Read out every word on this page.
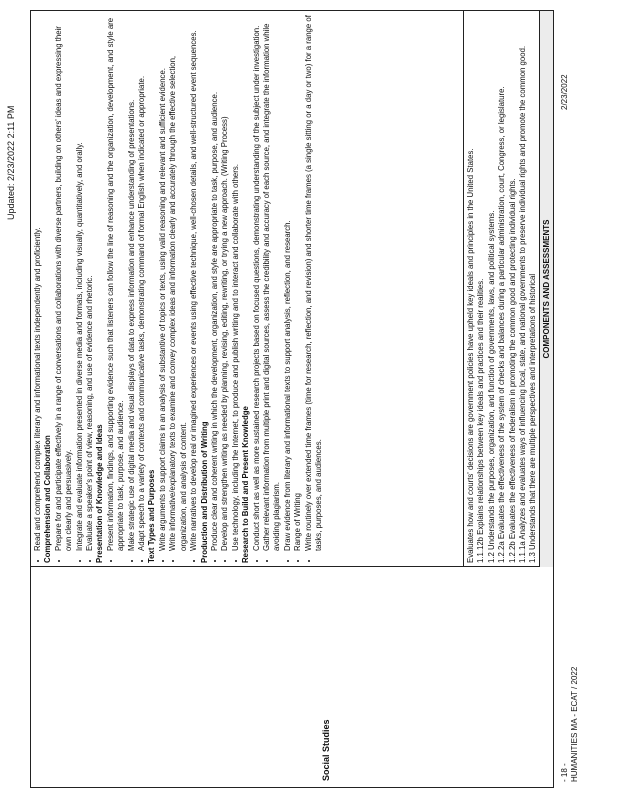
Updated: 2/23/2022 2:11 PM
Social Studies
• Read and comprehend complex literary and informational texts independently and proficiently. Comprehension and Collaboration • Prepare for and participate effectively in a range of conversations and collaborations with diverse partners, building on others' ideas and expressing their own clearly and persuasively. • Integrate and evaluate information presented in diverse media and formats, including visually, quantitatively, and orally. • Evaluate a speaker's point of view, reasoning, and use of evidence and rhetoric. Presentation of Knowledge and Ideas • Present information, findings, and supporting evidence such that listeners can follow the line of reasoning and the organization, development, and style are appropriate to task, purpose, and audience. • Make strategic use of digital media and visual displays of data to express information and enhance understanding of presentations. • Adapt speech to a variety of contexts and communicative tasks, demonstrating command of formal English when indicated or appropriate. Text Types and Purposes • Write arguments to support claims in an analysis of substantive of topics or texts, using valid reasoning and relevant and sufficient evidence. • Write informative/explanatory texts to examine and convey complex ideas and information clearly and accurately through the effective selection, organization, and analysis of content. • Write narratives to develop real or imagined experiences or events using effective technique, well-chosen details, and well-structured event sequences. Production and Distribution of Writing • Produce clear and coherent writing in which the development, organization, and style are appropriate to task, purpose, and audience. • Develop and strengthen writing as needed by planning, revising, editing, rewriting, or trying a new approach. (Writing Process) • Use technology, including the Internet, to produce and publish writing and to interact and collaborate with others. Research to Build and Present Knowledge • Conduct short as well as more sustained research projects based on focused questions, demonstrating understanding of the subject under investigation. • Gather relevant information from multiple print and digital sources, assess the credibility and accuracy of each source, and integrate the information while avoiding plagiarism. • Draw evidence from literary and informational texts to support analysis, reflection, and research. • Range of Writing • Write routinely over extended time frames (time for research, reflection, and revision) and shorter time frames (a single sitting or a day or two) for a range of tasks, purposes, and audiences.	Evaluates how and courts' decisions are government policies have upheld key ideals and principles in the United States. 1.1.12b Explains relationships between key ideals and practices and their realities. 1.2 Understands the purposes, organization, and function of governments, laws, and political systems. 1.2.2a Evaluates the effectiveness of the system of checks and balances during a particular administration, court, Congress, or legislature. 1.2.2b Evaluates the effectiveness of federalism in promoting the common good and protecting individual rights. 1.1.1a Analyzes and evaluates ways of influencing local, state, and national governments to preserve individual rights and promote the common good. 1.3 Understands that there are multiple perspectives and interpretations of historical COMPONENTS AND ASSESSMENTS
- 18 - HUMANITIES MA - ECAT / 2022
2/23/2022
